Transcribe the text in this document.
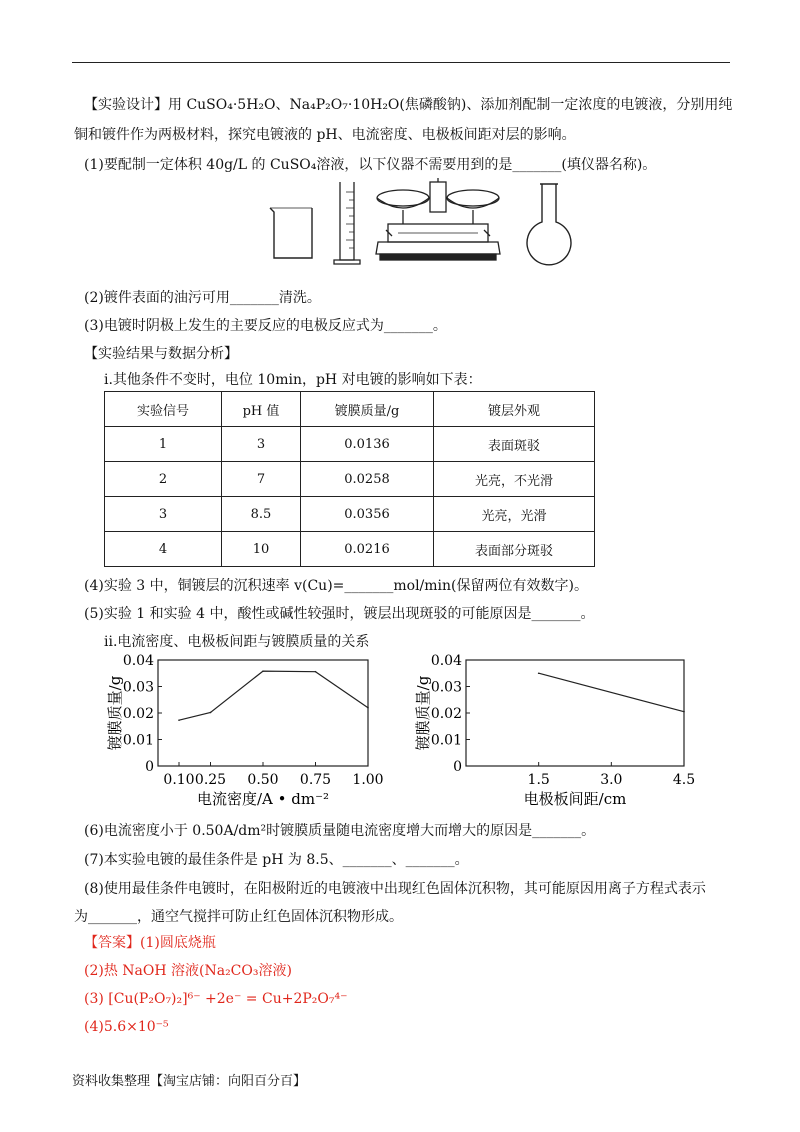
【实验设计】用 CuSO₄·5H₂O、Na₄P₂O₇·10H₂O(焦磷酸钠)、添加剂配制一定浓度的电镀液，分别用纯
铜和镀件作为两极材料，探究电镀液的 pH、电流密度、电极板间距对层的影响。
(1)要配制一定体积 40g/L 的 CuSO₄溶液，以下仪器不需要用到的是_______(填仪器名称)。
(2)镀件表面的油污可用_______清洗。
(3)电镀时阴极上发生的主要反应的电极反应式为_______。
【实验结果与数据分析】
ⅰ.其他条件不变时，电位 10min，pH 对电镀的影响如下表：
实验信号	pH 值	镀膜质量/g	镀层外观
1	3	0.0136	表面斑驳
2	7	0.0258	光亮，不光滑
3	8.5	0.0356	光亮，光滑
4	10	0.0216	表面部分斑驳
(4)实验 3 中，铜镀层的沉积速率 v(Cu)=_______mol/min(保留两位有效数字)。
(5)实验 1 和实验 4 中，酸性或碱性较强时，镀层出现斑驳的可能原因是_______。
ⅱ.电流密度、电极板间距与镀膜质量的关系
0
0.01
0.02
0.03
0.04
0.10 0.25 0.50 0.75 1.00
电流密度/A • dm⁻²
镀膜质量/g
0
0.01
0.02
0.03
0.04
1.5	3.0	4.5
电极板间距/cm
镀膜质量/g
(6)电流密度小于 0.50A/dm²时镀膜质量随电流密度增大而增大的原因是_______。
(7)本实验电镀的最佳条件是 pH 为 8.5、_______、_______。
(8)使用最佳条件电镀时，在阳极附近的电镀液中出现红色固体沉积物，其可能原因用离子方程式表示
为_______，通空气搅拌可防止红色固体沉积物形成。
【答案】(1)圆底烧瓶
(2)热 NaOH 溶液(Na₂CO₃溶液)
(3) [Cu(P₂O₇)₂]⁶⁻ +2e⁻ = Cu+2P₂O₇⁴⁻
(4)5.6×10⁻⁵
资料收集整理【淘宝店铺：向阳百分百】
